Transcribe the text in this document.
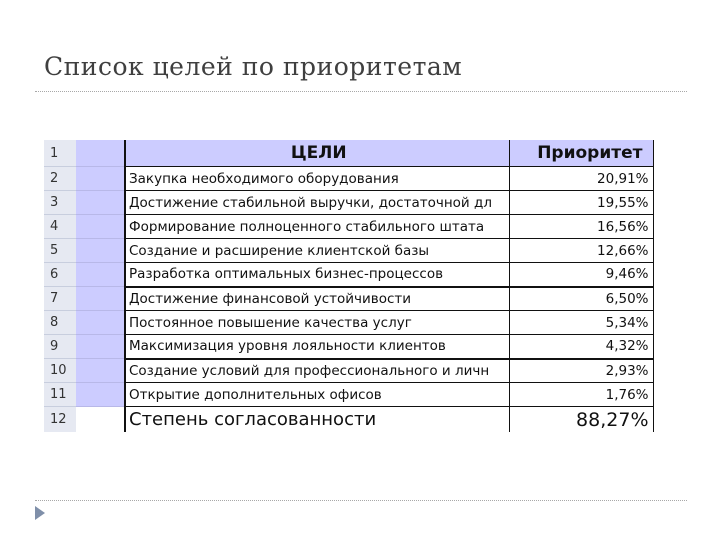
Список целей по приоритетам
1		ЦЕЛИ	Приоритет
2		Закупка необходимого оборудования	20,91%
3		Достижение стабильной выручки, достаточной дл	19,55%
4		Формирование полноценного стабильного штата	16,56%
5		Создание и расширение клиентской базы	12,66%
6		Разработка оптимальных бизнес-процессов	9,46%
7		Достижение финансовой устойчивости	6,50%
8		Постоянное повышение качества услуг	5,34%
9		Максимизация уровня лояльности клиентов	4,32%
10		Создание условий для профессионального и личн	2,93%
11		Открытие дополнительных офисов	1,76%
12		Степень согласованности	88,27%
